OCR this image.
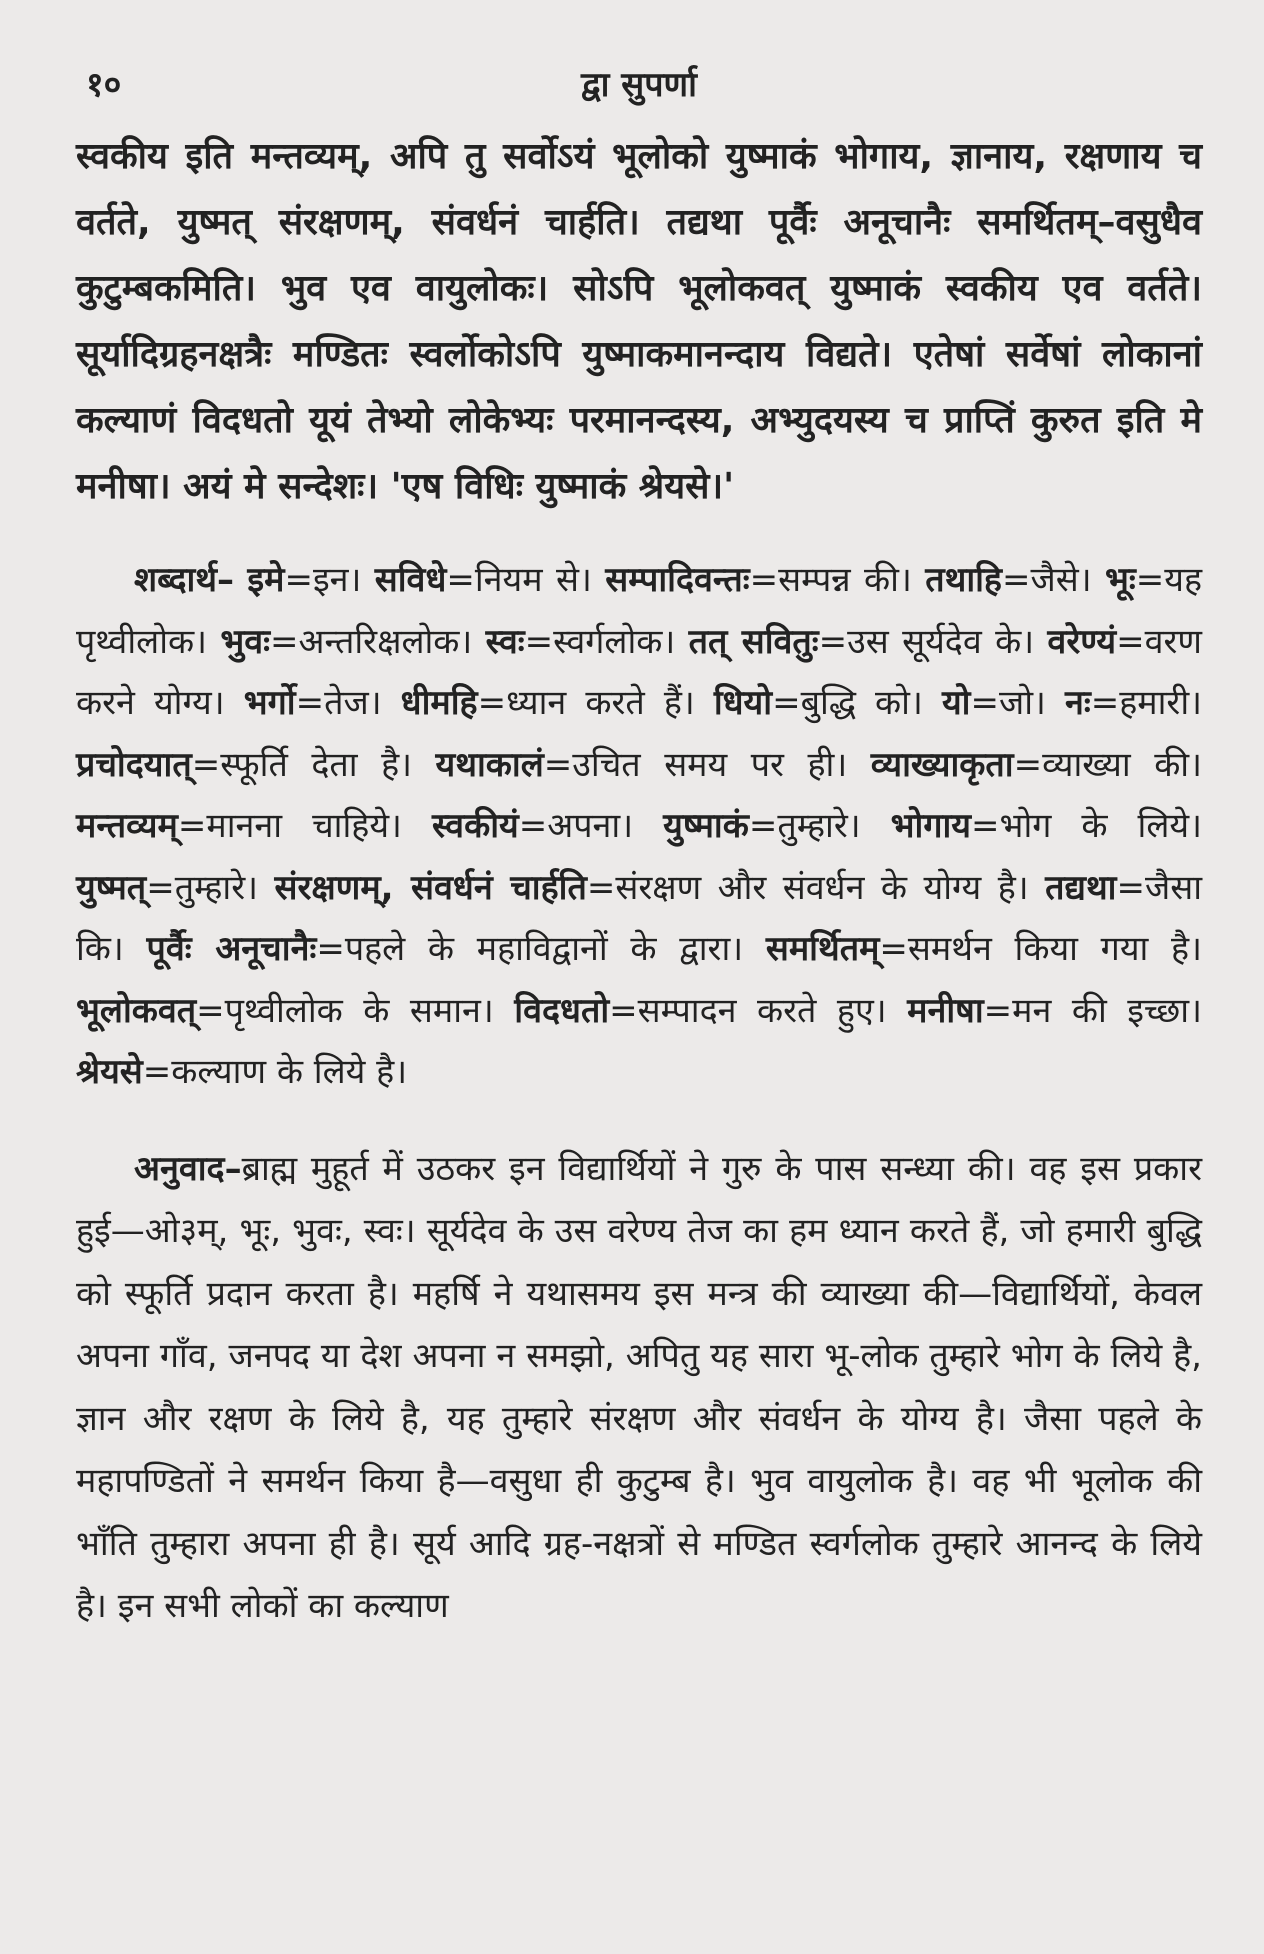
१०	द्वा सुपर्णा
स्वकीय इति मन्तव्यम्, अपि तु सर्वोऽयं भूलोको युष्माकं भोगाय, ज्ञानाय, रक्षणाय च वर्तते, युष्मत् संरक्षणम्, संवर्धनं चार्हति। तद्यथा पूर्वैः अनूचानैः समर्थितम्–वसुधैव कुटुम्बकमिति। भुव एव वायुलोकः। सोऽपि भूलोकवत् युष्माकं स्वकीय एव वर्तते। सूर्यादिग्रहनक्षत्रैः मण्डितः स्वर्लोकोऽपि युष्माकमानन्दाय विद्यते। एतेषां सर्वेषां लोकानां कल्याणं विदधतो यूयं तेभ्यो लोकेभ्यः परमानन्दस्य, अभ्युदयस्य च प्राप्तिं कुरुत इति मे मनीषा। अयं मे सन्देशः। 'एष विधिः युष्माकं श्रेयसे।'
शब्दार्थ– इमे=इन। सविधे=नियम से। सम्पादिवन्तः=सम्पन्न की। तथाहि=जैसे। भूः=यह पृथ्वीलोक। भुवः=अन्तरिक्षलोक। स्वः=स्वर्गलोक। तत् सवितुः=उस सूर्यदेव के। वरेण्यं=वरण करने योग्य। भर्गो=तेज। धीमहि=ध्यान करते हैं। धियो=बुद्धि को। यो=जो। नः=हमारी। प्रचोदयात्=स्फूर्ति देता है। यथाकालं=उचित समय पर ही। व्याख्याकृता=व्याख्या की। मन्तव्यम्=मानना चाहिये। स्वकीयं=अपना। युष्माकं=तुम्हारे। भोगाय=भोग के लिये। युष्मत्=तुम्हारे। संरक्षणम्, संवर्धनं चार्हति=संरक्षण और संवर्धन के योग्य है। तद्यथा=जैसा कि। पूर्वैः अनूचानैः=पहले के महाविद्वानों के द्वारा। समर्थितम्=समर्थन किया गया है। भूलोकवत्=पृथ्वीलोक के समान। विदधतो=सम्पादन करते हुए। मनीषा=मन की इच्छा। श्रेयसे=कल्याण के लिये है।
अनुवाद–ब्राह्म मुहूर्त में उठकर इन विद्यार्थियों ने गुरु के पास सन्ध्या की। वह इस प्रकार हुई—ओ३म्, भूः, भुवः, स्वः। सूर्यदेव के उस वरेण्य तेज का हम ध्यान करते हैं, जो हमारी बुद्धि को स्फूर्ति प्रदान करता है। महर्षि ने यथासमय इस मन्त्र की व्याख्या की—विद्यार्थियों, केवल अपना गाँव, जनपद या देश अपना न समझो, अपितु यह सारा भू-लोक तुम्हारे भोग के लिये है, ज्ञान और रक्षण के लिये है, यह तुम्हारे संरक्षण और संवर्धन के योग्य है। जैसा पहले के महापण्डितों ने समर्थन किया है—वसुधा ही कुटुम्ब है। भुव वायुलोक है। वह भी भूलोक की भाँति तुम्हारा अपना ही है। सूर्य आदि ग्रह-नक्षत्रों से मण्डित स्वर्गलोक तुम्हारे आनन्द के लिये है। इन सभी लोकों का कल्याण
